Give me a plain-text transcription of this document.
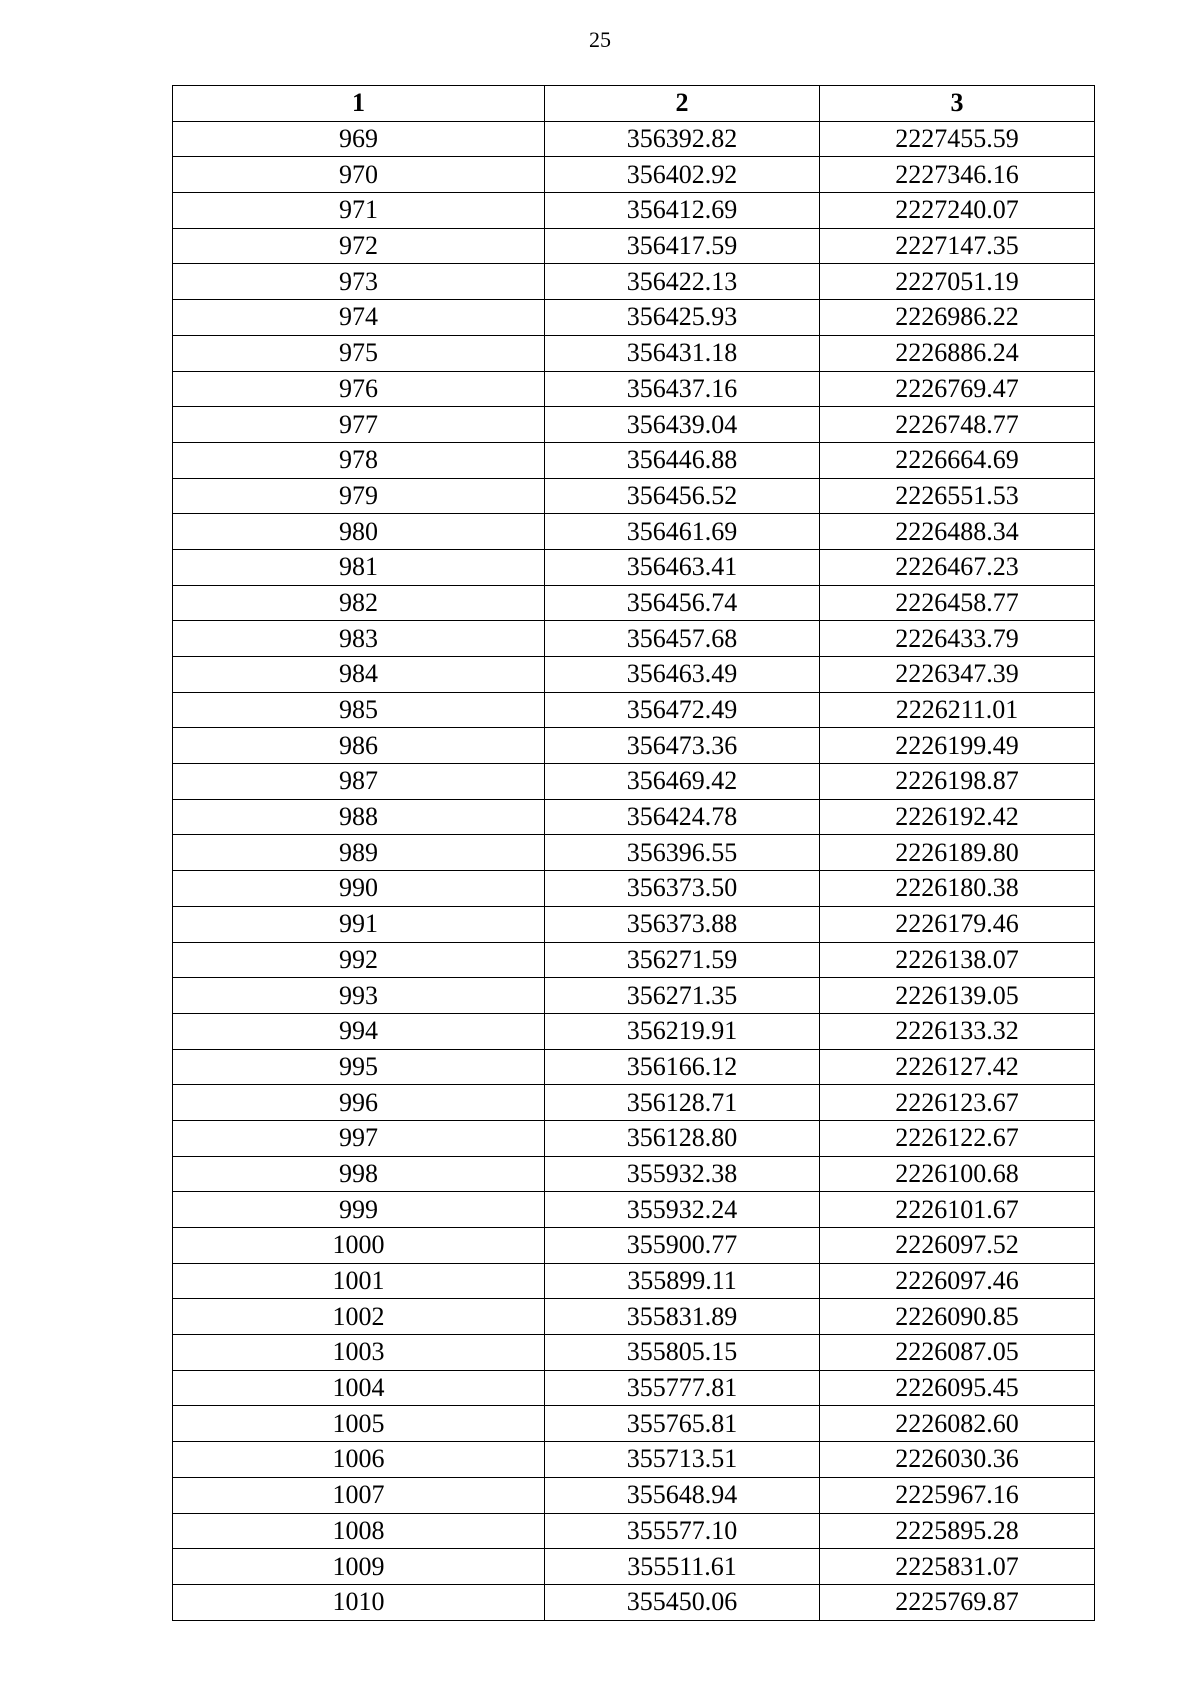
25
1	2	3
969	356392.82	2227455.59
970	356402.92	2227346.16
971	356412.69	2227240.07
972	356417.59	2227147.35
973	356422.13	2227051.19
974	356425.93	2226986.22
975	356431.18	2226886.24
976	356437.16	2226769.47
977	356439.04	2226748.77
978	356446.88	2226664.69
979	356456.52	2226551.53
980	356461.69	2226488.34
981	356463.41	2226467.23
982	356456.74	2226458.77
983	356457.68	2226433.79
984	356463.49	2226347.39
985	356472.49	2226211.01
986	356473.36	2226199.49
987	356469.42	2226198.87
988	356424.78	2226192.42
989	356396.55	2226189.80
990	356373.50	2226180.38
991	356373.88	2226179.46
992	356271.59	2226138.07
993	356271.35	2226139.05
994	356219.91	2226133.32
995	356166.12	2226127.42
996	356128.71	2226123.67
997	356128.80	2226122.67
998	355932.38	2226100.68
999	355932.24	2226101.67
1000	355900.77	2226097.52
1001	355899.11	2226097.46
1002	355831.89	2226090.85
1003	355805.15	2226087.05
1004	355777.81	2226095.45
1005	355765.81	2226082.60
1006	355713.51	2226030.36
1007	355648.94	2225967.16
1008	355577.10	2225895.28
1009	355511.61	2225831.07
1010	355450.06	2225769.87
